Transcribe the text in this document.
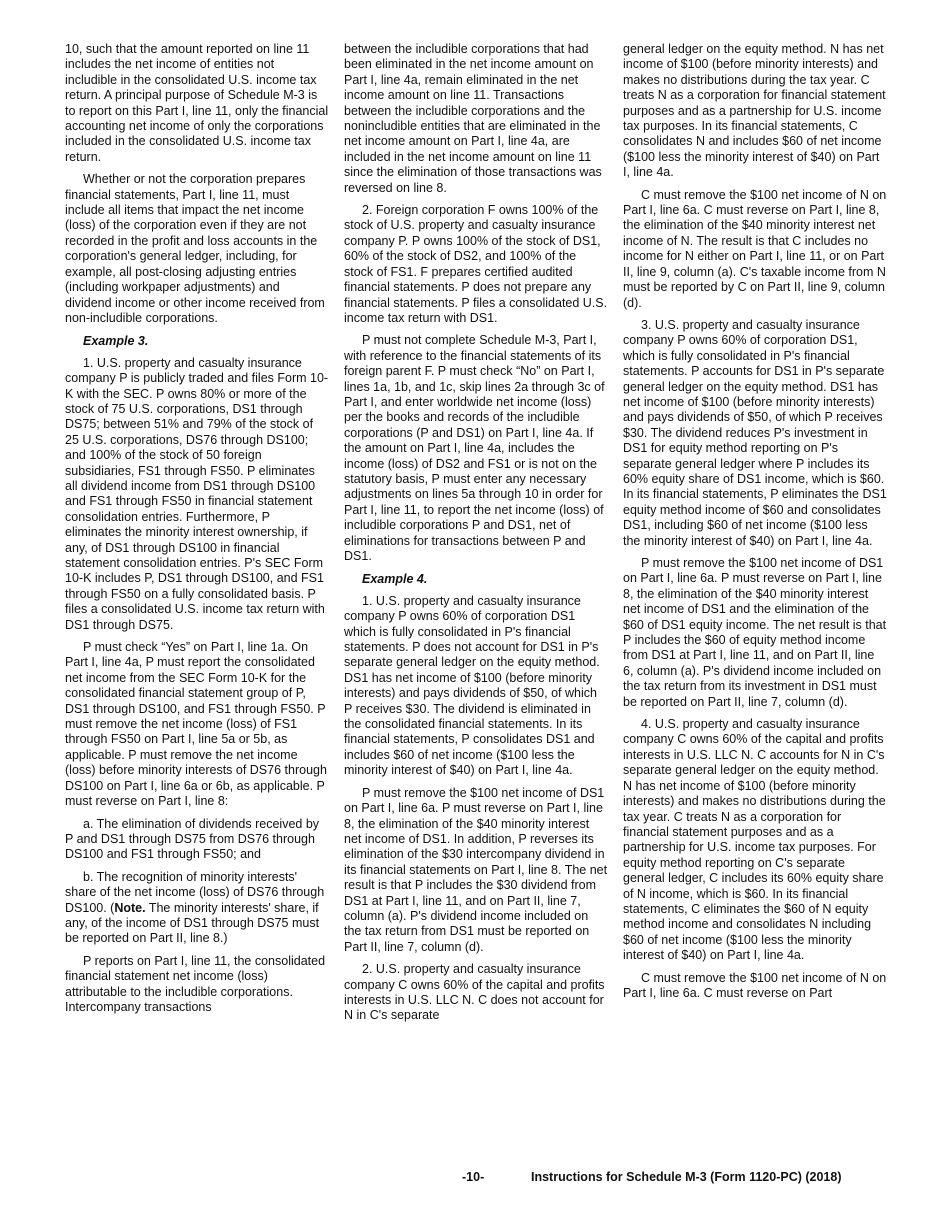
10, such that the amount reported on line 11 includes the net income of entities not includible in the consolidated U.S. income tax return. A principal purpose of Schedule M-3 is to report on this Part I, line 11, only the financial accounting net income of only the corporations included in the consolidated U.S. income tax return.

Whether or not the corporation prepares financial statements, Part I, line 11, must include all items that impact the net income (loss) of the corporation even if they are not recorded in the profit and loss accounts in the corporation's general ledger, including, for example, all post-closing adjusting entries (including workpaper adjustments) and dividend income or other income received from non-includible corporations.

Example 3.

1. U.S. property and casualty insurance company P is publicly traded and files Form 10-K with the SEC. P owns 80% or more of the stock of 75 U.S. corporations, DS1 through DS75; between 51% and 79% of the stock of 25 U.S. corporations, DS76 through DS100; and 100% of the stock of 50 foreign subsidiaries, FS1 through FS50. P eliminates all dividend income from DS1 through DS100 and FS1 through FS50 in financial statement consolidation entries. Furthermore, P eliminates the minority interest ownership, if any, of DS1 through DS100 in financial statement consolidation entries. P's SEC Form 10-K includes P, DS1 through DS100, and FS1 through FS50 on a fully consolidated basis. P files a consolidated U.S. income tax return with DS1 through DS75.

P must check “Yes” on Part I, line 1a. On Part I, line 4a, P must report the consolidated net income from the SEC Form 10-K for the consolidated financial statement group of P, DS1 through DS100, and FS1 through FS50. P must remove the net income (loss) of FS1 through FS50 on Part I, line 5a or 5b, as applicable. P must remove the net income (loss) before minority interests of DS76 through DS100 on Part I, line 6a or 6b, as applicable. P must reverse on Part I, line 8:

a. The elimination of dividends received by P and DS1 through DS75 from DS76 through DS100 and FS1 through FS50; and

b. The recognition of minority interests' share of the net income (loss) of DS76 through DS100. (Note. The minority interests' share, if any, of the income of DS1 through DS75 must be reported on Part II, line 8.)

P reports on Part I, line 11, the consolidated financial statement net income (loss) attributable to the includible corporations. Intercompany transactions

between the includible corporations that had been eliminated in the net income amount on Part I, line 4a, remain eliminated in the net income amount on line 11. Transactions between the includible corporations and the nonincludible entities that are eliminated in the net income amount on Part I, line 4a, are included in the net income amount on line 11 since the elimination of those transactions was reversed on line 8.

2. Foreign corporation F owns 100% of the stock of U.S. property and casualty insurance company P. P owns 100% of the stock of DS1, 60% of the stock of DS2, and 100% of the stock of FS1. F prepares certified audited financial statements. P does not prepare any financial statements. P files a consolidated U.S. income tax return with DS1.

P must not complete Schedule M-3, Part I, with reference to the financial statements of its foreign parent F. P must check “No” on Part I, lines 1a, 1b, and 1c, skip lines 2a through 3c of Part I, and enter worldwide net income (loss) per the books and records of the includible corporations (P and DS1) on Part I, line 4a. If the amount on Part I, line 4a, includes the income (loss) of DS2 and FS1 or is not on the statutory basis, P must enter any necessary adjustments on lines 5a through 10 in order for Part I, line 11, to report the net income (loss) of includible corporations P and DS1, net of eliminations for transactions between P and DS1.

Example 4.

1. U.S. property and casualty insurance company P owns 60% of corporation DS1 which is fully consolidated in P's financial statements. P does not account for DS1 in P's separate general ledger on the equity method. DS1 has net income of $100 (before minority interests) and pays dividends of $50, of which P receives $30. The dividend is eliminated in the consolidated financial statements. In its financial statements, P consolidates DS1 and includes $60 of net income ($100 less the minority interest of $40) on Part I, line 4a.

P must remove the $100 net income of DS1 on Part I, line 6a. P must reverse on Part I, line 8, the elimination of the $40 minority interest net income of DS1. In addition, P reverses its elimination of the $30 intercompany dividend in its financial statements on Part I, line 8. The net result is that P includes the $30 dividend from DS1 at Part I, line 11, and on Part II, line 7, column (a). P's dividend income included on the tax return from DS1 must be reported on Part II, line 7, column (d).

2. U.S. property and casualty insurance company C owns 60% of the capital and profits interests in U.S. LLC N. C does not account for N in C's separate

general ledger on the equity method. N has net income of $100 (before minority interests) and makes no distributions during the tax year. C treats N as a corporation for financial statement purposes and as a partnership for U.S. income tax purposes. In its financial statements, C consolidates N and includes $60 of net income ($100 less the minority interest of $40) on Part I, line 4a.

C must remove the $100 net income of N on Part I, line 6a. C must reverse on Part I, line 8, the elimination of the $40 minority interest net income of N. The result is that C includes no income for N either on Part I, line 11, or on Part II, line 9, column (a). C's taxable income from N must be reported by C on Part II, line 9, column (d).

3. U.S. property and casualty insurance company P owns 60% of corporation DS1, which is fully consolidated in P's financial statements. P accounts for DS1 in P's separate general ledger on the equity method. DS1 has net income of $100 (before minority interests) and pays dividends of $50, of which P receives $30. The dividend reduces P's investment in DS1 for equity method reporting on P's separate general ledger where P includes its 60% equity share of DS1 income, which is $60. In its financial statements, P eliminates the DS1 equity method income of $60 and consolidates DS1, including $60 of net income ($100 less the minority interest of $40) on Part I, line 4a.

P must remove the $100 net income of DS1 on Part I, line 6a. P must reverse on Part I, line 8, the elimination of the $40 minority interest net income of DS1 and the elimination of the $60 of DS1 equity income. The net result is that P includes the $60 of equity method income from DS1 at Part I, line 11, and on Part II, line 6, column (a). P's dividend income included on the tax return from its investment in DS1 must be reported on Part II, line 7, column (d).

4. U.S. property and casualty insurance company C owns 60% of the capital and profits interests in U.S. LLC N. C accounts for N in C's separate general ledger on the equity method. N has net income of $100 (before minority interests) and makes no distributions during the tax year. C treats N as a corporation for financial statement purposes and as a partnership for U.S. income tax purposes. For equity method reporting on C's separate general ledger, C includes its 60% equity share of N income, which is $60. In its financial statements, C eliminates the $60 of N equity method income and consolidates N including $60 of net income ($100 less the minority interest of $40) on Part I, line 4a.

C must remove the $100 net income of N on Part I, line 6a. C must reverse on Part

-10-	Instructions for Schedule M-3 (Form 1120-PC) (2018)
